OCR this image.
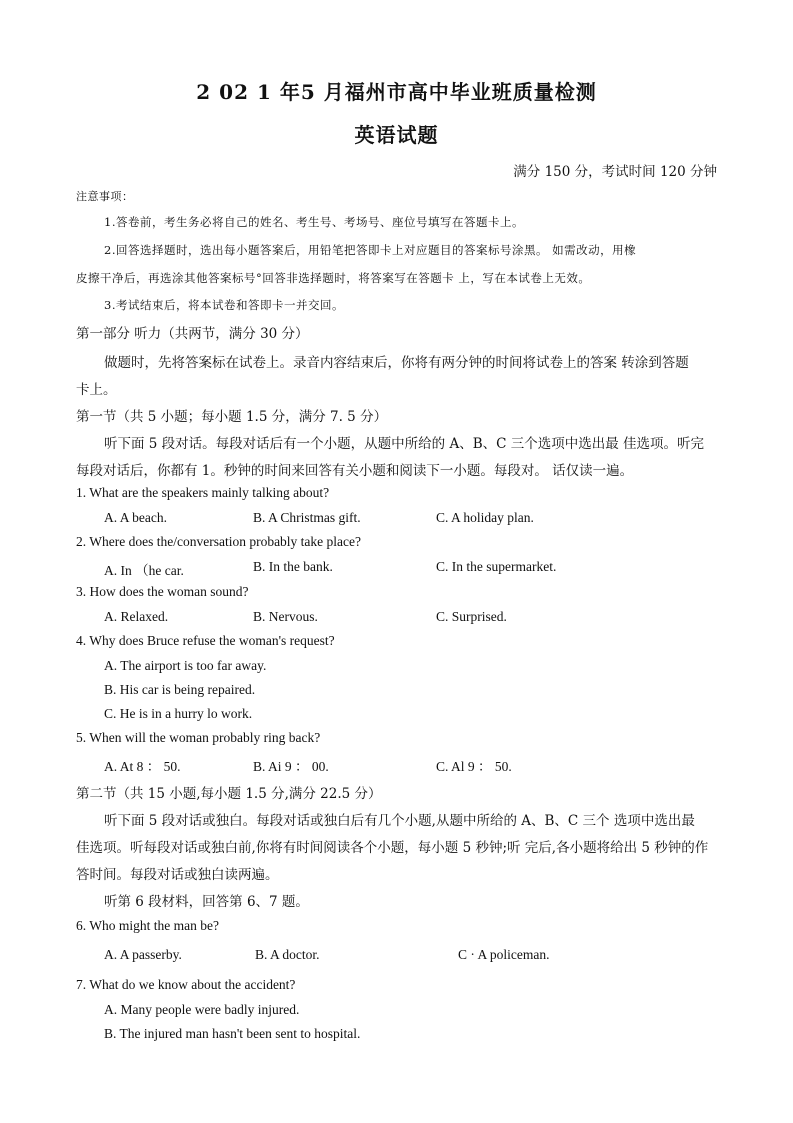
2 02 1 年5 月福州市高中毕业班质量检测
英语试题
满分 150 分，考试时间 120 分钟
注意事项：
1.答卷前，考生务必将自己的姓名、考生号、考场号、座位号填写在答题卡上。
2.回答选择题时，选出每小题答案后，用铅笔把答即卡上对应题目的答案标号涂黑。 如需改动，用橡
皮擦干净后，再选涂其他答案标号°回答非选择题时，将答案写在答题卡 上，写在本试卷上无效。
3.考试结束后，将本试卷和答即卡一并交回。
第一部分 听力（共两节，满分 30 分）
做题时，先将答案标在试卷上。录音内容结束后，你将有两分钟的时间将试卷上的答案 转涂到答题
卡上。
第一节（共 5 小题；每小题 1.5 分，满分 7. 5 分）
听下面 5 段对话。每段对话后有一个小题，从题中所给的 A、B、C 三个选项中选出最 佳选项。听完
每段对话后，你都有 1。秒钟的时间来回答有关小题和阅读下一小题。每段对。 话仅读一遍。
1. What are the speakers mainly talking about?
A. A beach.	B. A Christmas gift.	C. A holiday plan.
2. Where does the/conversation probably take place?
A. In （he car.	B. In the bank.	C. In the supermarket.
3. How does the woman sound?
A. Relaxed.	B. Nervous.	C. Surprised.
4. Why does Bruce refuse the woman's request?
A. The airport is too far away.
B. His car is being repaired.
C. He is in a hurry lo work.
5. When will the woman probably ring back?
A. At 8 ： 50.	B. Ai 9 ： 00.	C. Al 9 ： 50.
第二节（共 15 小题,每小题 1.5 分,满分 22.5 分）
听下面 5 段对话或独白。每段对话或独白后有几个小题,从题中所给的 A、B、C 三个 选项中选出最
佳选项。听每段对话或独白前,你将有时间阅读各个小题，每小题 5 秒钟;听 完后,各小题将给出 5 秒钟的作
答时间。每段对话或独白读两遍。
听第 6 段材料，回答第 6、7 题。
6. Who might the man be?
A. A passerby.	B. A doctor.	C · A policeman.
7. What do we know about the accident?
A. Many people were badly injured.
B. The injured man hasn't been sent to hospital.
